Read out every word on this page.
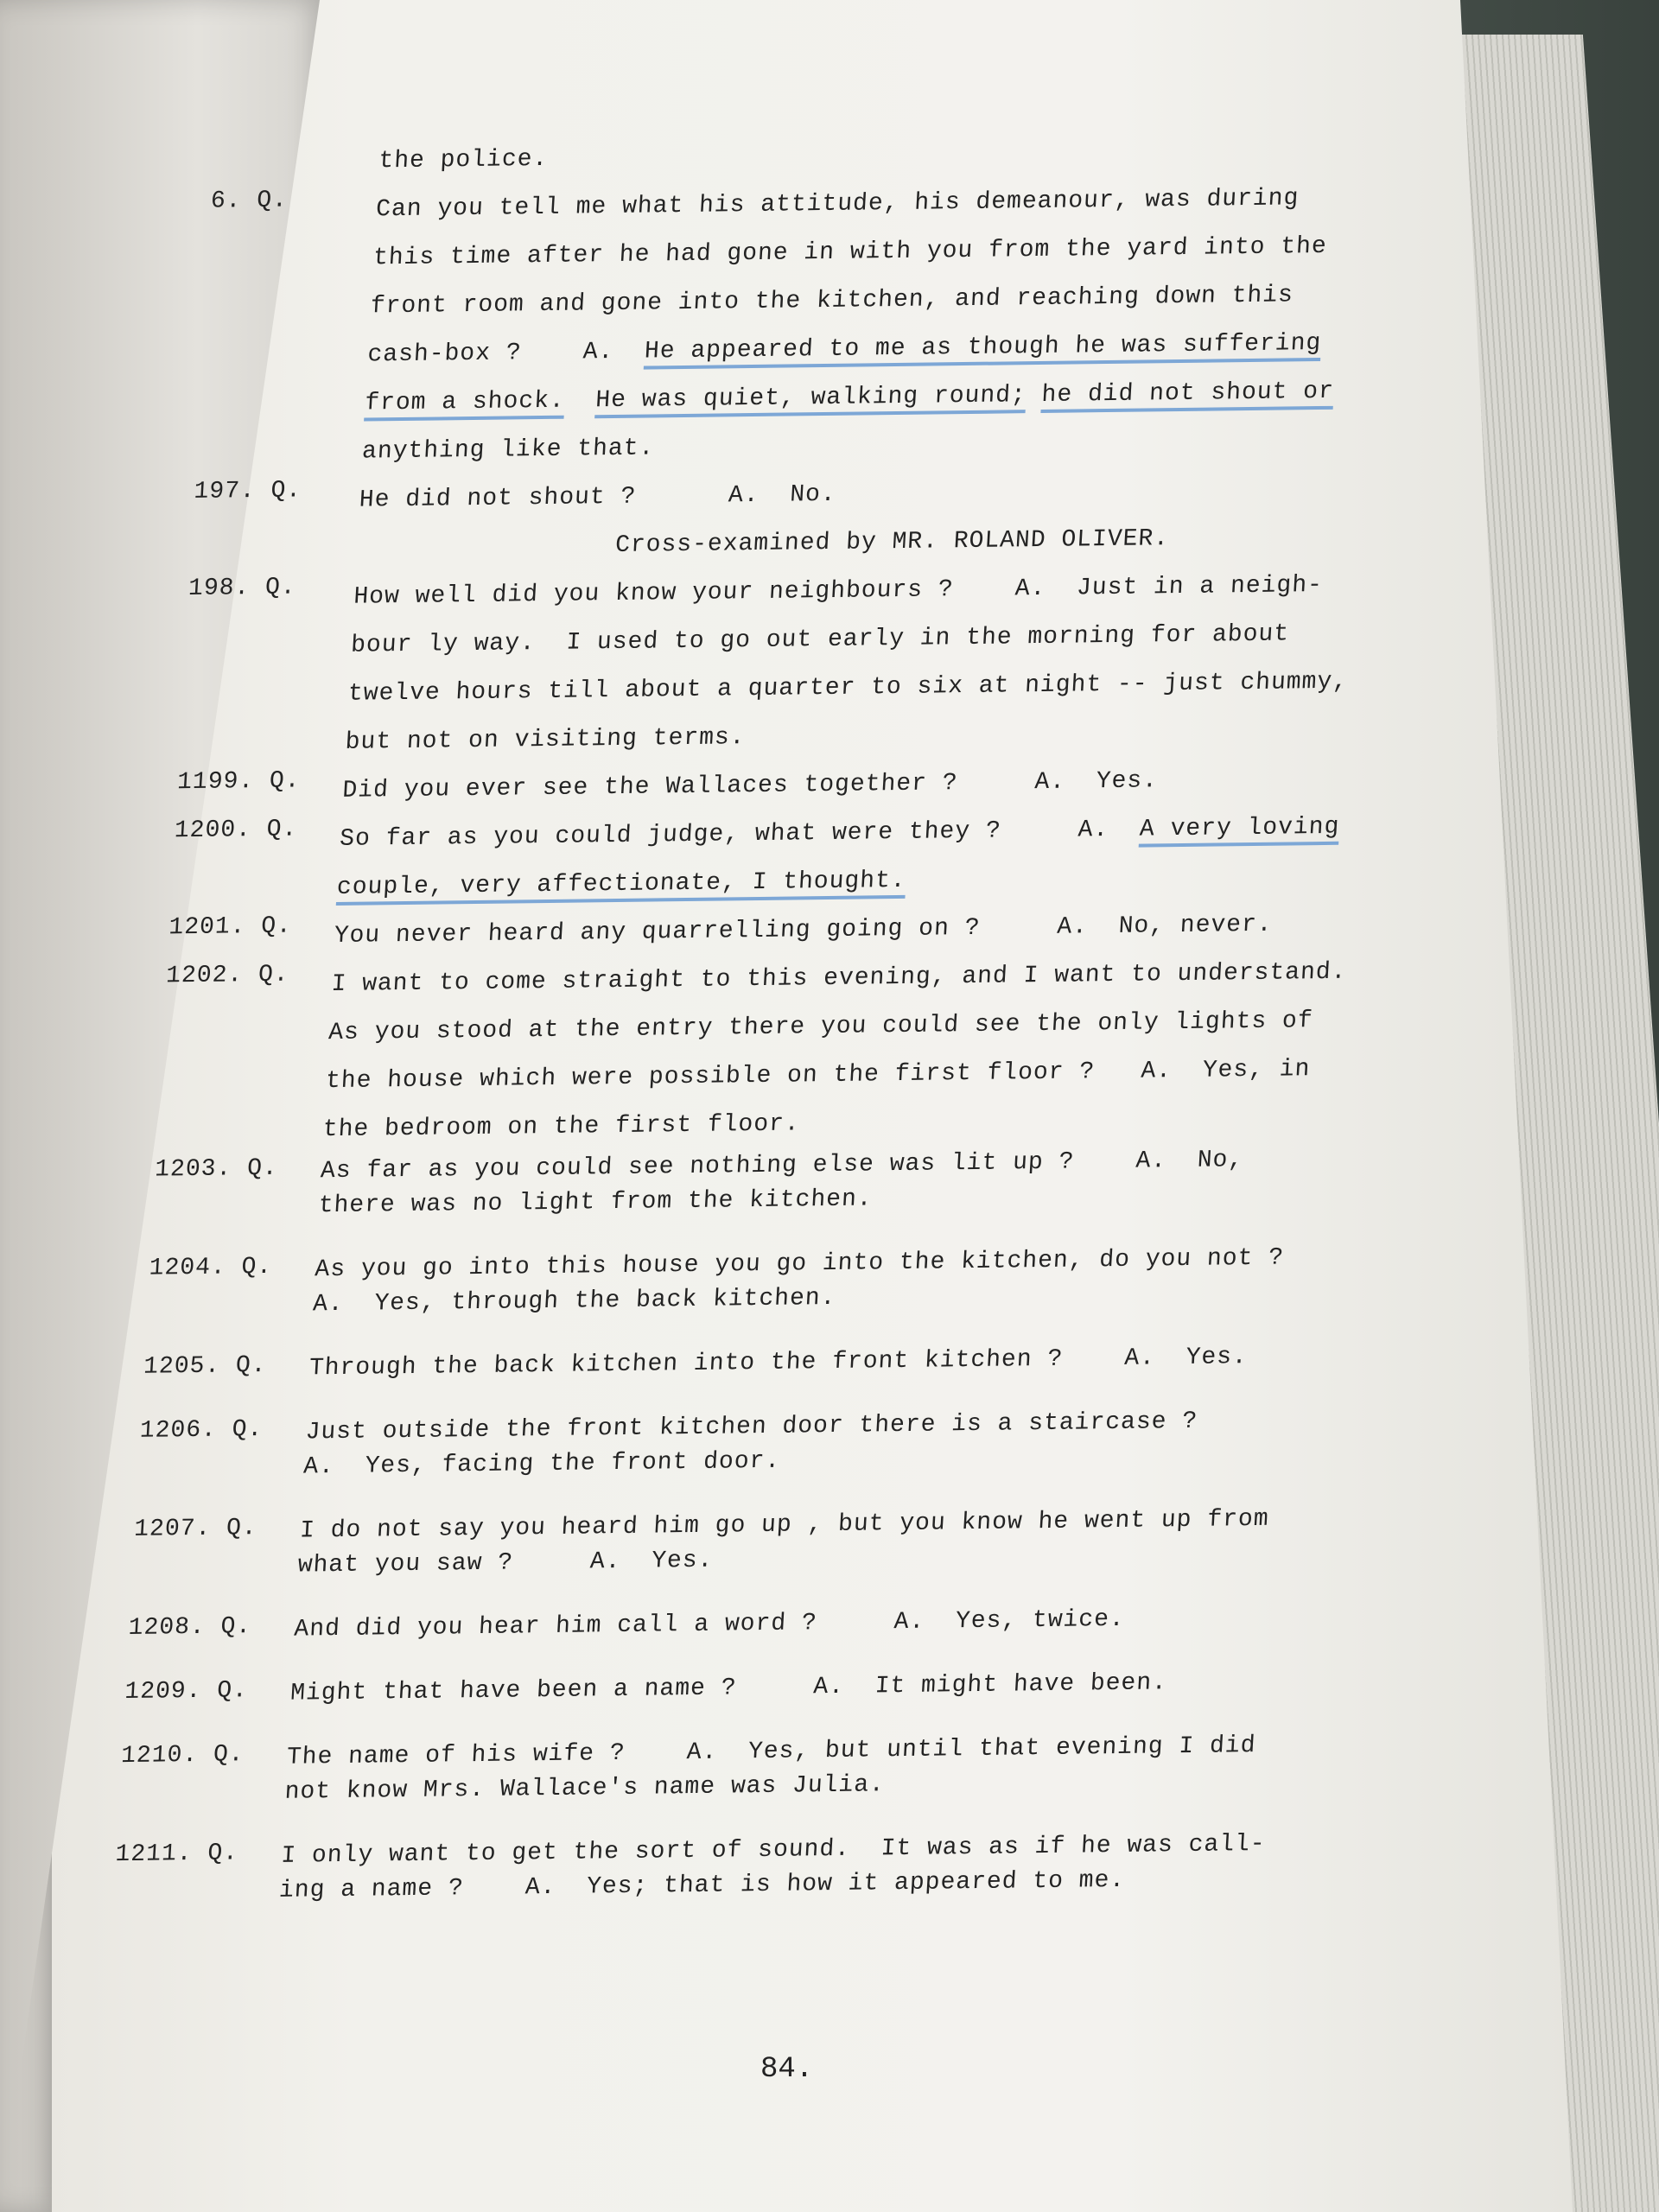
the police.
6. Q.	Can you tell me what his attitude, his demeanour, was during
this time after he had gone in with you from the yard into the
front room and gone into the kitchen, and reaching down this
cash-box ?    A.  He appeared to me as though he was suffering
from a shock. He was quiet, walking round; he did not shout or
anything like that.
197. Q.	He did not shout ?      A.  No.
Cross-examined by MR. ROLAND OLIVER.
198. Q.	How well did you know your neighbours ?    A.  Just in a neigh-
bour ly way.  I used to go out early in the morning for about
twelve hours till about a quarter to six at night -- just chummy,
but not on visiting terms.
1199. Q.	Did you ever see the Wallaces together ?     A.  Yes.
1200. Q.	So far as you could judge, what were they ?     A.  A very loving
couple, very affectionate, I thought.
1201. Q.	You never heard any quarrelling going on ?     A.  No, never.
1202. Q.	I want to come straight to this evening, and I want to understand.
As you stood at the entry there you could see the only lights of
the house which were possible on the first floor ?   A.  Yes, in
the bedroom on the first floor.
1203. Q.	As far as you could see nothing else was lit up ?    A.  No,
there was no light from the kitchen.
1204. Q.	As you go into this house you go into the kitchen, do you not ?
A.  Yes, through the back kitchen.
1205. Q.	Through the back kitchen into the front kitchen ?    A.  Yes.
1206. Q.	Just outside the front kitchen door there is a staircase ?
A.  Yes, facing the front door.
1207. Q.	I do not say you heard him go up , but you know he went up from
what you saw ?     A.  Yes.
1208. Q.	And did you hear him call a word ?     A.  Yes, twice.
1209. Q.	Might that have been a name ?     A.  It might have been.
1210. Q.	The name of his wife ?    A.  Yes, but until that evening I did
not know Mrs. Wallace's name was Julia.
1211. Q.	I only want to get the sort of sound.  It was as if he was call-
ing a name ?    A.  Yes; that is how it appeared to me.
84.
